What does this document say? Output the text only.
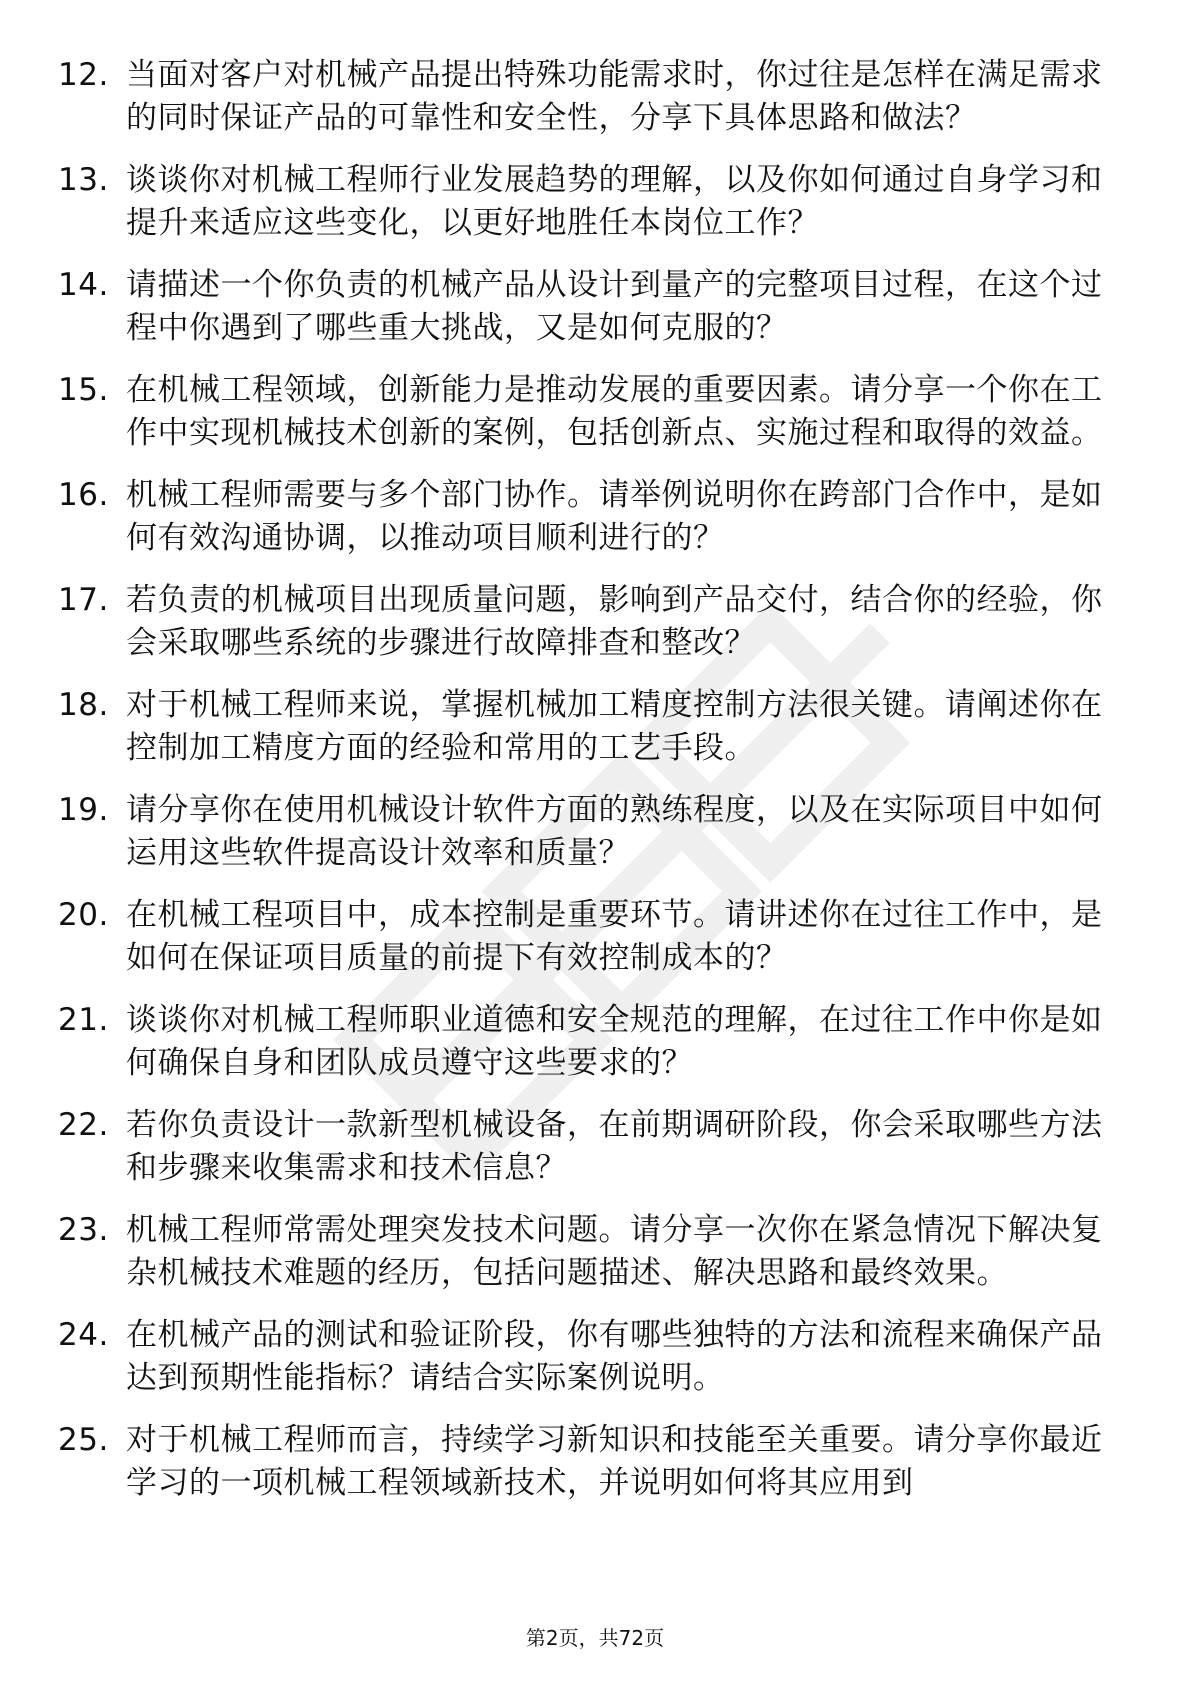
12. 当面对客户对机械产品提出特殊功能需求时，你过往是怎样在满足需求的同时保证产品的可靠性和安全性，分享下具体思路和做法？
13. 谈谈你对机械工程师行业发展趋势的理解，以及你如何通过自身学习和提升来适应这些变化，以更好地胜任本岗位工作？
14. 请描述一个你负责的机械产品从设计到量产的完整项目过程，在这个过程中你遇到了哪些重大挑战，又是如何克服的？
15. 在机械工程领域，创新能力是推动发展的重要因素。请分享一个你在工作中实现机械技术创新的案例，包括创新点、实施过程和取得的效益。
16. 机械工程师需要与多个部门协作。请举例说明你在跨部门合作中，是如何有效沟通协调，以推动项目顺利进行的？
17. 若负责的机械项目出现质量问题，影响到产品交付，结合你的经验，你会采取哪些系统的步骤进行故障排查和整改？
18. 对于机械工程师来说，掌握机械加工精度控制方法很关键。请阐述你在控制加工精度方面的经验和常用的工艺手段。
19. 请分享你在使用机械设计软件方面的熟练程度，以及在实际项目中如何运用这些软件提高设计效率和质量？
20. 在机械工程项目中，成本控制是重要环节。请讲述你在过往工作中，是如何在保证项目质量的前提下有效控制成本的？
21. 谈谈你对机械工程师职业道德和安全规范的理解，在过往工作中你是如何确保自身和团队成员遵守这些要求的？
22. 若你负责设计一款新型机械设备，在前期调研阶段，你会采取哪些方法和步骤来收集需求和技术信息？
23. 机械工程师常需处理突发技术问题。请分享一次你在紧急情况下解决复杂机械技术难题的经历，包括问题描述、解决思路和最终效果。
24. 在机械产品的测试和验证阶段，你有哪些独特的方法和流程来确保产品达到预期性能指标？请结合实际案例说明。
25. 对于机械工程师而言，持续学习新知识和技能至关重要。请分享你最近学习的一项机械工程领域新技术，并说明如何将其应用到
第2页，共72页
